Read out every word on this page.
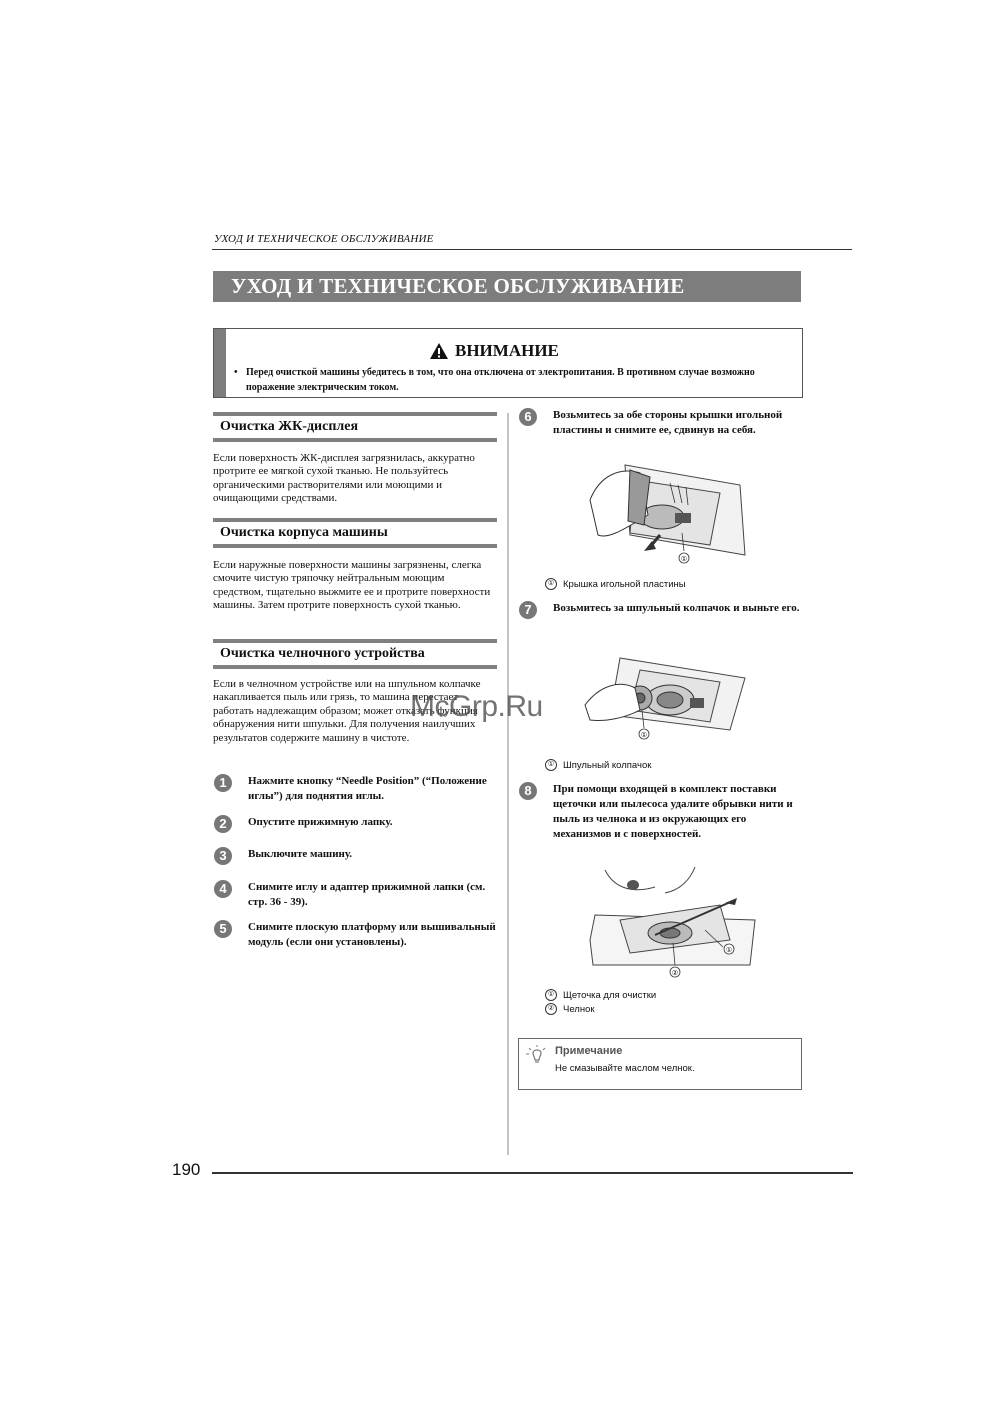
УХОД И ТЕХНИЧЕСКОЕ ОБСЛУЖИВАНИЕ
УХОД И ТЕХНИЧЕСКОЕ ОБСЛУЖИВАНИЕ
ВНИМАНИЕ
• Перед очисткой машины убедитесь в том, что она отключена от электропитания. В противном случае возможно поражение электрическим током.
Очистка ЖК-дисплея
Если поверхность ЖК-дисплея загрязнилась, аккуратно протрите ее мягкой сухой тканью. Не пользуйтесь органическими растворителями или моющими и очищающими средствами.
Очистка корпуса машины
Если наружные поверхности машины загрязнены, слегка смочите чистую тряпочку нейтральным моющим средством, тщательно выжмите ее и протрите поверхности машины. Затем протрите поверхность сухой тканью.
Очистка челночного устройства
Если в челночном устройстве или на шпульном колпачке накапливается пыль или грязь, то машина перестает работать надлежащим образом; может отказать функция обнаружения нити шпульки. Для получения наилучших результатов содержите машину в чистоте.
1	Нажмите кнопку “Needle Position” (“Положение иглы”) для поднятия иглы.
2	Опустите прижимную лапку.
3	Выключите машину.
4	Снимите иглу и адаптер прижимной лапки (см. стр. 36 - 39).
5	Снимите плоскую платформу или вышивальный модуль (если они установлены).
6	Возьмитесь за обе стороны крышки игольной пластины и снимите ее, сдвинув на себя.
①
① Крышка игольной пластины
7	Возьмитесь за шпульный колпачок и выньте его.
①
① Шпульный колпачок
8	При помощи входящей в комплект поставки щеточки или пылесоса удалите обрывки нити и пыль из челнока и из окружающих его механизмов и с поверхностей.
①
②
① Щеточка для очистки
② Челнок
Примечание
Не смазывайте маслом челнок.
190
McGrp.Ru
